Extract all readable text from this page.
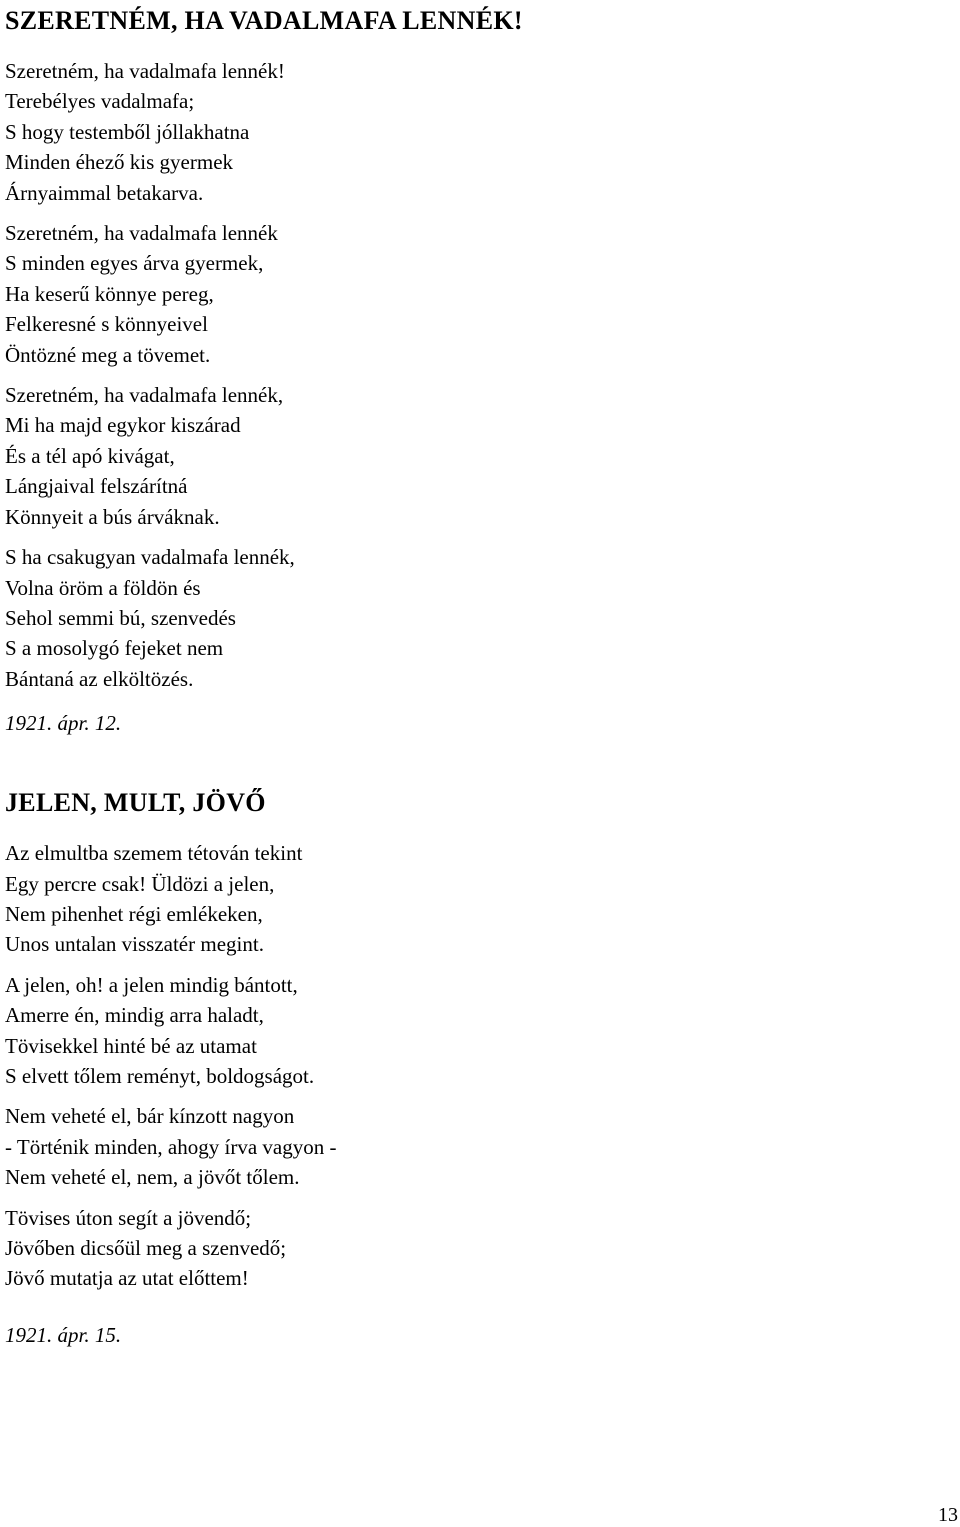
SZERETNÉM, HA VADALMAFA LENNÉK!
Szeretném, ha vadalmafa lennék!
Terebélyes vadalmafa;
S hogy testemből jóllakhatna
Minden éhező kis gyermek
Árnyaimmal betakarva.
Szeretném, ha vadalmafa lennék
S minden egyes árva gyermek,
Ha keserű könnye pereg,
Felkeresné s könnyeivel
Öntözné meg a tövemet.
Szeretném, ha vadalmafa lennék,
Mi ha majd egykor kiszárad
És a tél apó kivágat,
Lángjaival felszárítná
Könnyeit a bús árváknak.
S ha csakugyan vadalmafa lennék,
Volna öröm a földön és
Sehol semmi bú, szenvedés
S a mosolygó fejeket nem
Bántaná az elköltözés.
1921. ápr. 12.
JELEN, MULT, JÖVŐ
Az elmultba szemem tétován tekint
Egy percre csak! Üldözi a jelen,
Nem pihenhet régi emlékeken,
Unos untalan visszatér megint.
A jelen, oh! a jelen mindig bántott,
Amerre én, mindig arra haladt,
Tövisekkel hinté bé az utamat
S elvett tőlem reményt, boldogságot.
Nem veheté el, bár kínzott nagyon
- Történik minden, ahogy írva vagyon -
Nem veheté el, nem, a jövőt tőlem.
Tövises úton segít a jövendő;
Jövőben dicsőül meg a szenvedő;
Jövő mutatja az utat előttem!
1921. ápr. 15.
13
